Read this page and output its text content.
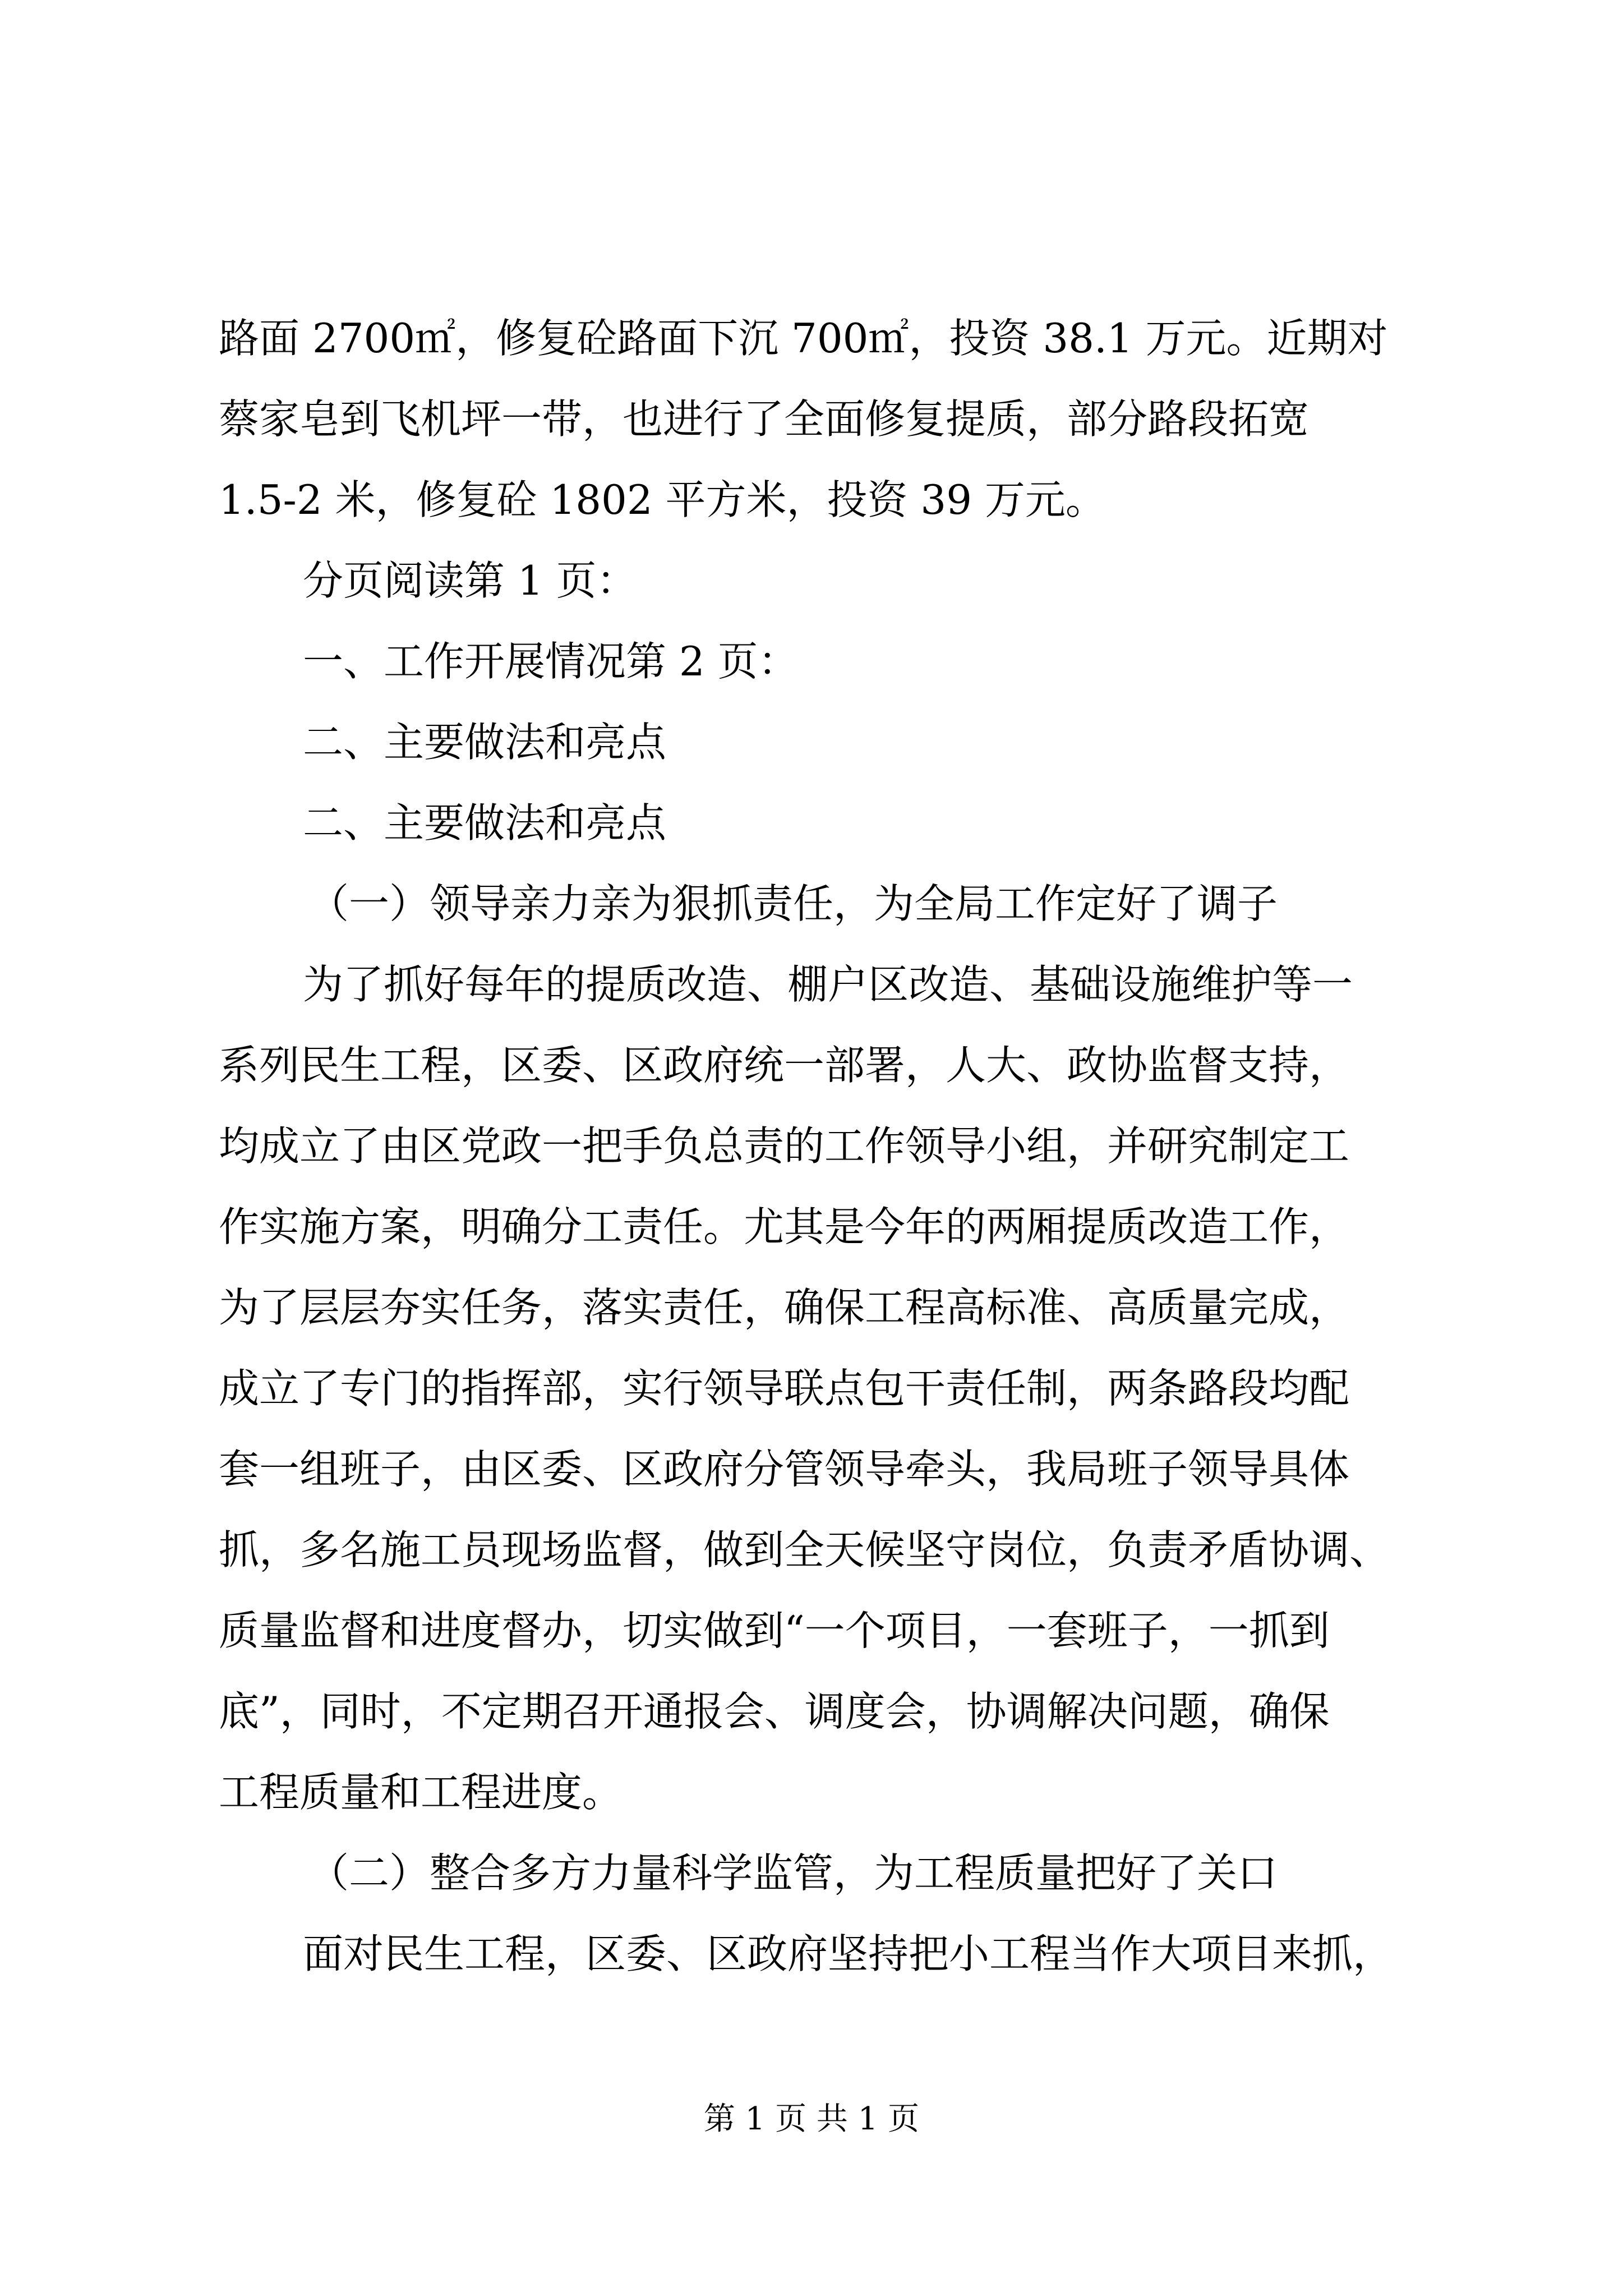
路面 2700㎡，修复砼路面下沉 700㎡，投资 38.1 万元。近期对
蔡家皂到飞机坪一带，也进行了全面修复提质，部分路段拓宽
1.5-2 米，修复砼 1802 平方米，投资 39 万元。
分页阅读第 1 页：
一、工作开展情况第 2 页：
二、主要做法和亮点
二、主要做法和亮点
（一）领导亲力亲为狠抓责任，为全局工作定好了调子
为了抓好每年的提质改造、棚户区改造、基础设施维护等一
系列民生工程，区委、区政府统一部署，人大、政协监督支持，
均成立了由区党政一把手负总责的工作领导小组，并研究制定工
作实施方案，明确分工责任。尤其是今年的两厢提质改造工作，
为了层层夯实任务，落实责任，确保工程高标准、高质量完成，
成立了专门的指挥部，实行领导联点包干责任制，两条路段均配
套一组班子，由区委、区政府分管领导牵头，我局班子领导具体
抓，多名施工员现场监督，做到全天候坚守岗位，负责矛盾协调、
质量监督和进度督办，切实做到“一个项目，一套班子，一抓到
底”，同时，不定期召开通报会、调度会，协调解决问题，确保
工程质量和工程进度。
（二）整合多方力量科学监管，为工程质量把好了关口
面对民生工程，区委、区政府坚持把小工程当作大项目来抓，
第 1 页 共 1 页
